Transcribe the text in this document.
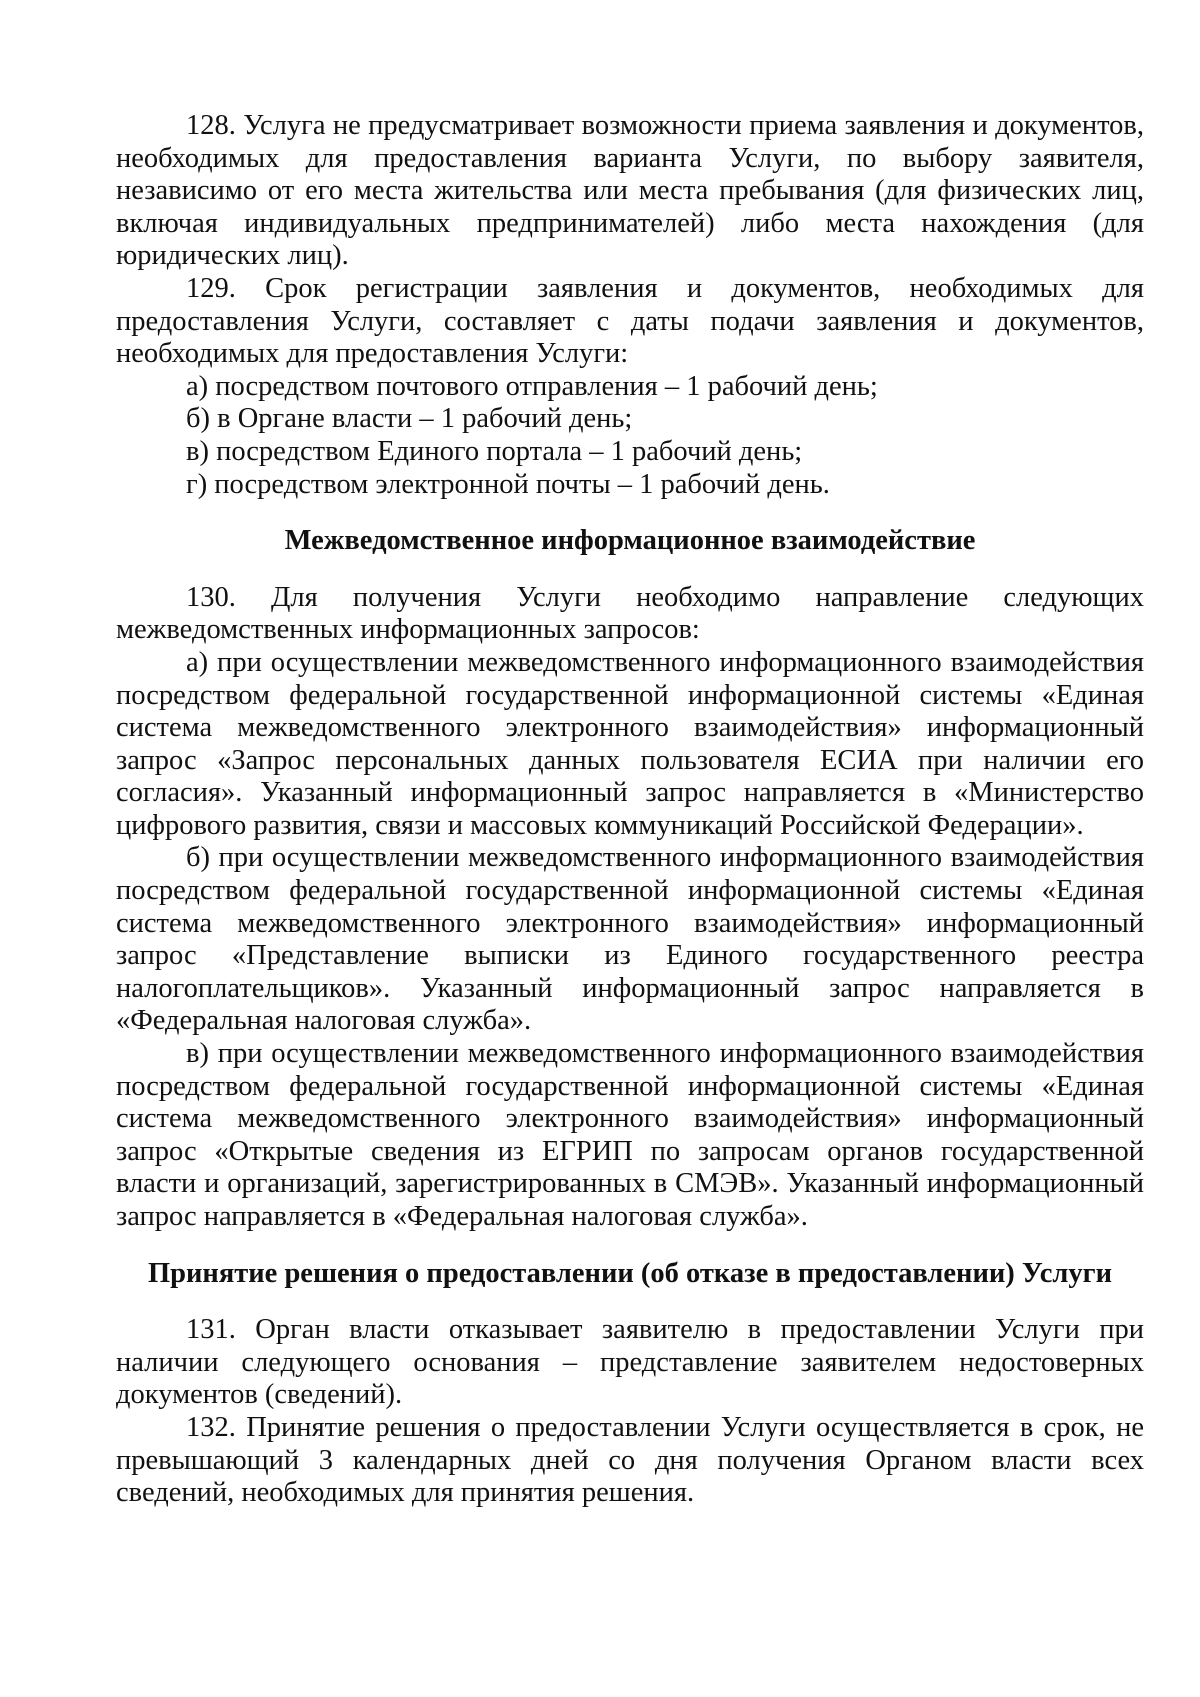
128. Услуга не предусматривает возможности приема заявления и документов, необходимых для предоставления варианта Услуги, по выбору заявителя, независимо от его места жительства или места пребывания (для физических лиц, включая индивидуальных предпринимателей) либо места нахождения (для юридических лиц).

129. Срок регистрации заявления и документов, необходимых для предоставления Услуги, составляет с даты подачи заявления и документов, необходимых для предоставления Услуги:

а) посредством почтового отправления – 1 рабочий день;

б) в Органе власти – 1 рабочий день;

в) посредством Единого портала – 1 рабочий день;

г) посредством электронной почты – 1 рабочий день.

Межведомственное информационное взаимодействие

130. Для получения Услуги необходимо направление следующих межведомственных информационных запросов:

а) при осуществлении межведомственного информационного взаимодействия посредством федеральной государственной информационной системы «Единая система межведомственного электронного взаимодействия» информационный запрос «Запрос персональных данных пользователя ЕСИА при наличии его согласия». Указанный информационный запрос направляется в «Министерство цифрового развития, связи и массовых коммуникаций Российской Федерации».

б) при осуществлении межведомственного информационного взаимодействия посредством федеральной государственной информационной системы «Единая система межведомственного электронного взаимодействия» информационный запрос «Представление выписки из Единого государственного реестра налогоплательщиков». Указанный информационный запрос направляется в «Федеральная налоговая служба».

в) при осуществлении межведомственного информационного взаимодействия посредством федеральной государственной информационной системы «Единая система межведомственного электронного взаимодействия» информационный запрос «Открытые сведения из ЕГРИП по запросам органов государственной власти и организаций, зарегистрированных в СМЭВ». Указанный информационный запрос направляется в «Федеральная налоговая служба».

Принятие решения о предоставлении (об отказе в предоставлении) Услуги

131. Орган власти отказывает заявителю в предоставлении Услуги при наличии следующего основания – представление заявителем недостоверных документов (сведений).

132. Принятие решения о предоставлении Услуги осуществляется в срок, не превышающий 3 календарных дней со дня получения Органом власти всех сведений, необходимых для принятия решения.
